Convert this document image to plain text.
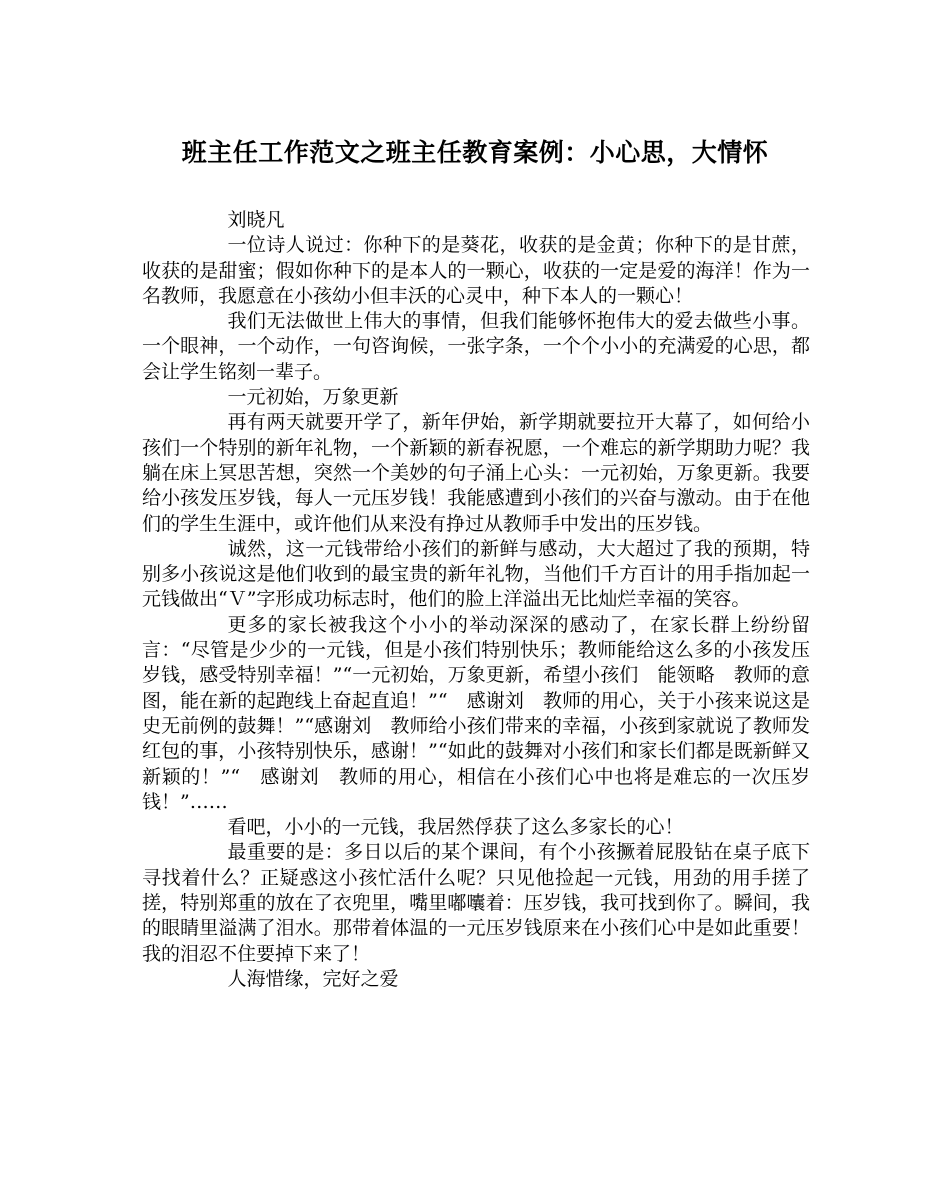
班主任工作范文之班主任教育案例：小心思，大情怀

刘晓凡

一位诗人说过：你种下的是葵花，收获的是金黄；你种下的是甘蔗，收获的是甜蜜；假如你种下的是本人的一颗心，收获的一定是爱的海洋！作为一名教师，我愿意在小孩幼小但丰沃的心灵中，种下本人的一颗心！

我们无法做世上伟大的事情，但我们能够怀抱伟大的爱去做些小事。一个眼神，一个动作，一句咨询候，一张字条，一个个小小的充满爱的心思，都会让学生铭刻一辈子。

一元初始，万象更新

再有两天就要开学了，新年伊始，新学期就要拉开大幕了，如何给小孩们一个特别的新年礼物，一个新颖的新春祝愿，一个难忘的新学期助力呢？我躺在床上冥思苦想，突然一个美妙的句子涌上心头：一元初始，万象更新。我要给小孩发压岁钱，每人一元压岁钱！我能感遭到小孩们的兴奋与激动。由于在他们的学生生涯中，或许他们从来没有挣过从教师手中发出的压岁钱。

诚然，这一元钱带给小孩们的新鲜与感动，大大超过了我的预期，特别多小孩说这是他们收到的最宝贵的新年礼物，当他们千方百计的用手指加起一元钱做出“Ｖ”字形成功标志时，他们的脸上洋溢出无比灿烂幸福的笑容。

更多的家长被我这个小小的举动深深的感动了，在家长群上纷纷留言：“尽管是少少的一元钱，但是小孩们特别快乐；教师能给这么多的小孩发压岁钱，感受特别幸福！”“一元初始，万象更新，希望小孩们　能领略　教师的意图，能在新的起跑线上奋起直追！”“　感谢刘　教师的用心，关于小孩来说这是史无前例的鼓舞！”“感谢刘　教师给小孩们带来的幸福，小孩到家就说了教师发红包的事，小孩特别快乐，感谢！”“如此的鼓舞对小孩们和家长们都是既新鲜又新颖的！”“　感谢刘　教师的用心，相信在小孩们心中也将是难忘的一次压岁钱！”……

看吧，小小的一元钱，我居然俘获了这么多家长的心！

最重要的是：多日以后的某个课间，有个小孩撅着屁股钻在桌子底下寻找着什么？正疑惑这小孩忙活什么呢？只见他捡起一元钱，用劲的用手搓了搓，特别郑重的放在了衣兜里，嘴里嘟囔着：压岁钱，我可找到你了。瞬间，我的眼睛里溢满了泪水。那带着体温的一元压岁钱原来在小孩们心中是如此重要！我的泪忍不住要掉下来了！

人海惜缘，完好之爱
